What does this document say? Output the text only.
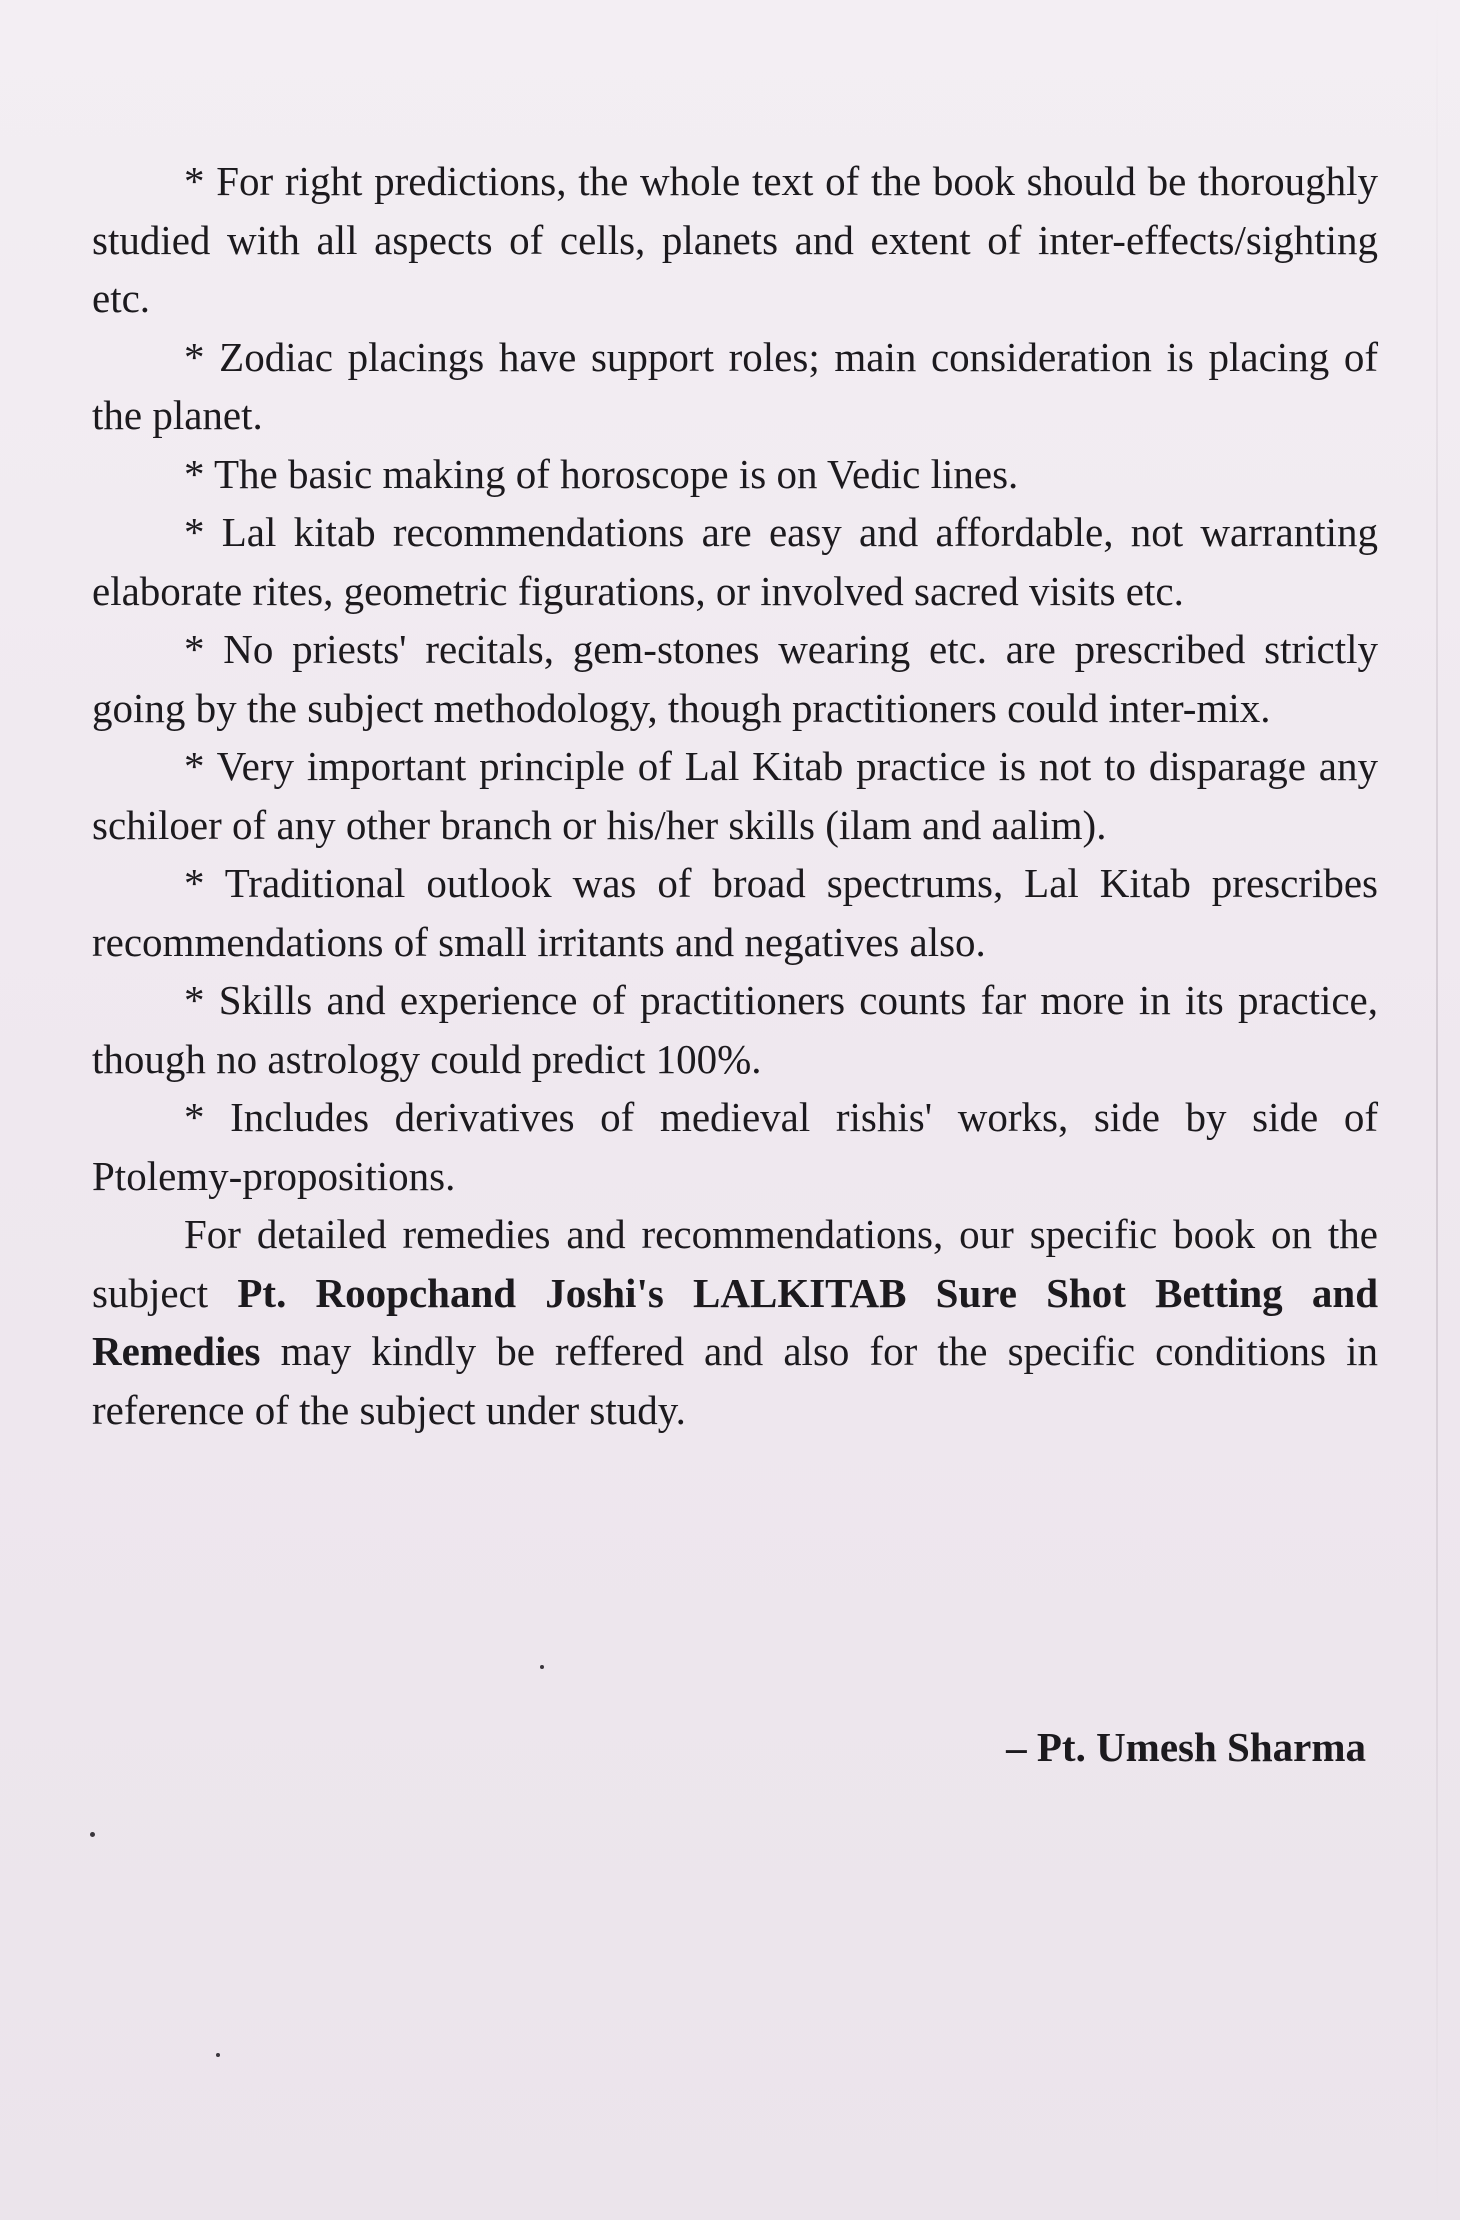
* For right predictions, the whole text of the book should be thoroughly studied with all aspects of cells, planets and extent of inter-effects/sighting etc.

* Zodiac placings have support roles; main consideration is placing of the planet.

* The basic making of horoscope is on Vedic lines.

* Lal kitab recommendations are easy and affordable, not warranting elaborate rites, geometric figurations, or involved sacred visits etc.

* No priests' recitals, gem-stones wearing etc. are prescribed strictly going by the subject methodology, though practitioners could inter-mix.

* Very important principle of Lal Kitab practice is not to disparage any schiloer of any other branch or his/her skills (ilam and aalim).

* Traditional outlook was of broad spectrums, Lal Kitab prescribes recommendations of small irritants and negatives also.

* Skills and experience of practitioners counts far more in its practice, though no astrology could predict 100%.

* Includes derivatives of medieval rishis' works, side by side of Ptolemy-propositions.

For detailed remedies and recommendations, our specific book on the subject Pt. Roopchand Joshi's LALKITAB Sure Shot Betting and Remedies may kindly be reffered and also for the specific conditions in reference of the subject under study.

– Pt. Umesh Sharma
